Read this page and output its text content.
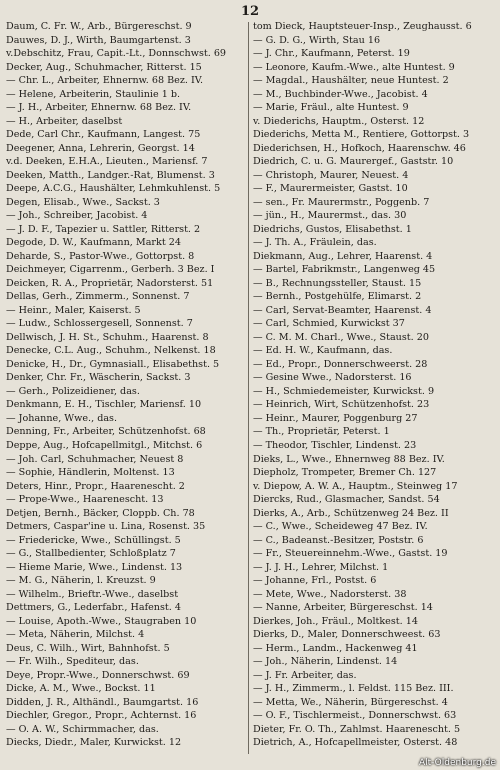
12
Daum, C. Fr. W., Arb., Bürgereschst. 9
Dauwes, D. J., Wirth, Baumgartenst. 3
v.Debschitz, Frau, Capit.-Lt., Donnschwst. 69
Decker, Aug., Schuhmacher, Ritterst. 15
— Chr. L., Arbeiter, Ehnernw. 68 Bez. IV.
— Helene, Arbeiterin, Staulinie 1 b.
— J. H., Arbeiter, Ehnernw. 68 Bez. IV.
— H., Arbeiter, daselbst
Dede, Carl Chr., Kaufmann, Langest. 75
Deegener, Anna, Lehrerin, Georgst. 14
v.d. Deeken, E.H.A., Lieuten., Mariensf. 7
Deeken, Matth., Landger.-Rat, Blumenst. 3
Deepe, A.C.G., Haushälter, Lehmkuhlenst. 5
Degen, Elisab., Wwe., Sackst. 3
— Joh., Schreiber, Jacobist. 4
— J. D. F., Tapezier u. Sattler, Ritterst. 2
Degode, D. W., Kaufmann, Markt 24
Deharde, S., Pastor-Wwe., Gottorpst. 8
Deichmeyer, Cigarrenm., Gerberh. 3 Bez. I
Deicken, R. A., Proprietär, Nadorsterst. 51
Dellas, Gerh., Zimmerm., Sonnenst. 7
— Heinr., Maler, Kaiserst. 5
— Ludw., Schlossergesell, Sonnenst. 7
Dellwisch, J. H. St., Schuhm., Haarenst. 8
Denecke, C.L. Aug., Schuhm., Nelkenst. 18
Denicke, H., Dr., Gymnasiall., Elisabethst. 5
Denker, Chr. Fr., Wäscherin, Sackst. 3
— Gerh., Polizeidiener, das.
Denkmann, E. H., Tischler, Mariensf. 10
— Johanne, Wwe., das.
Denning, Fr., Arbeiter, Schützenhofst. 68
Deppe, Aug., Hofcapellmitgl., Mitchst. 6
— Joh. Carl, Schuhmacher, Neuest 8
— Sophie, Händlerin, Moltenst. 13
Deters, Hinr., Propr., Haarenescht. 2
— Prope-Wwe., Haarenescht. 13
Detjen, Bernh., Bäcker, Cloppb. Ch. 78
Detmers, Caspar'ine u. Lina, Rosenst. 35
— Friedericke, Wwe., Schüllingst. 5
— G., Stallbedienter, Schloßplatz 7
— Hieme Marie, Wwe., Lindenst. 13
— M. G., Näherin, l. Kreuzst. 9
— Wilhelm., Brieftr.-Wwe., daselbst
Dettmers, G., Lederfabr., Hafenst. 4
— Louise, Apoth.-Wwe., Staugraben 10
— Meta, Näherin, Milchst. 4
Deus, C. Wilh., Wirt, Bahnhofst. 5
— Fr. Wilh., Spediteur, das.
Deye, Propr.-Wwe., Donnerschwst. 69
Dicke, A. M., Wwe., Bockst. 11
Didden, J. R., Althändl., Baumgartst. 16
Diechler, Gregor., Propr., Achternst. 16
— O. A. W., Schirmmacher, das.
Diecks, Diedr., Maler, Kurwickst. 12
tom Dieck, Hauptsteuer-Insp., Zeughausst. 6
— G. D. G., Wirth, Stau 16
— J. Chr., Kaufmann, Peterst. 19
— Leonore, Kaufm.-Wwe., alte Huntest. 9
— Magdal., Haushälter, neue Huntest. 2
— M., Buchbinder-Wwe., Jacobist. 4
— Marie, Fräul., alte Huntest. 9
v. Diederichs, Hauptm., Osterst. 12
Diederichs, Metta M., Rentiere, Gottorpst. 3
Diederichsen, H., Hofkoch, Haarenschw. 46
Diedrich, C. u. G. Maurergef., Gaststr. 10
— Christoph, Maurer, Neuest. 4
— F., Maurermeister, Gastst. 10
— sen., Fr. Maurermstr., Poggenb. 7
— jün., H., Maurermst., das. 30
Diedrichs, Gustos, Elisabethst. 1
— J. Th. A., Fräulein, das.
Diekmann, Aug., Lehrer, Haarenst. 4
— Bartel, Fabrikmstr., Langenweg 45
— B., Rechnungssteller, Staust. 15
— Bernh., Postgehülfe, Elimarst. 2
— Carl, Servat-Beamter, Haarenst. 4
— Carl, Schmied, Kurwickst 37
— C. M. M. Charl., Wwe., Staust. 20
— Ed. H. W., Kaufmann, das.
— Ed., Propr., Donnerschweerst. 28
— Gesine Wwe., Nadorsterst. 16
— H., Schmiedemeister, Kurwickst. 9
— Heinrich, Wirt, Schützenhofst. 23
— Heinr., Maurer, Poggenburg 27
— Th., Proprietär, Peterst. 1
— Theodor, Tischler, Lindenst. 23
Dieks, L., Wwe., Ehnernweg 88 Bez. IV.
Diepholz, Trompeter, Bremer Ch. 127
v. Diepow, A. W. A., Hauptm., Steinweg 17
Diercks, Rud., Glasmacher, Sandst. 54
Dierks, A., Arb., Schützenweg 24 Bez. II
— C., Wwe., Scheideweg 47 Bez. IV.
— C., Badeanst.-Besitzer, Poststr. 6
— Fr., Steuereinnehm.-Wwe., Gastst. 19
— J. J. H., Lehrer, Milchst. 1
— Johanne, Frl., Postst. 6
— Mete, Wwe., Nadorsterst. 38
— Nanne, Arbeiter, Bürgereschst. 14
Dierkes, Joh., Fräul., Moltkest. 14
Dierks, D., Maler, Donnerschweest. 63
— Herm., Landm., Hackenweg 41
— Joh., Näherin, Lindenst. 14
— J. Fr. Arbeiter, das.
— J. H., Zimmerm., l. Feldst. 115 Bez. III.
— Metta, We., Näherin, Bürgereschst. 4
— O. F., Tischlermeist., Donnerschwst. 63
Dieter, Fr. O. Th., Zahlmst. Haarenescht. 5
Dietrich, A., Hofcapellmeister, Osterst. 48
Alt-Oldenburg.de
